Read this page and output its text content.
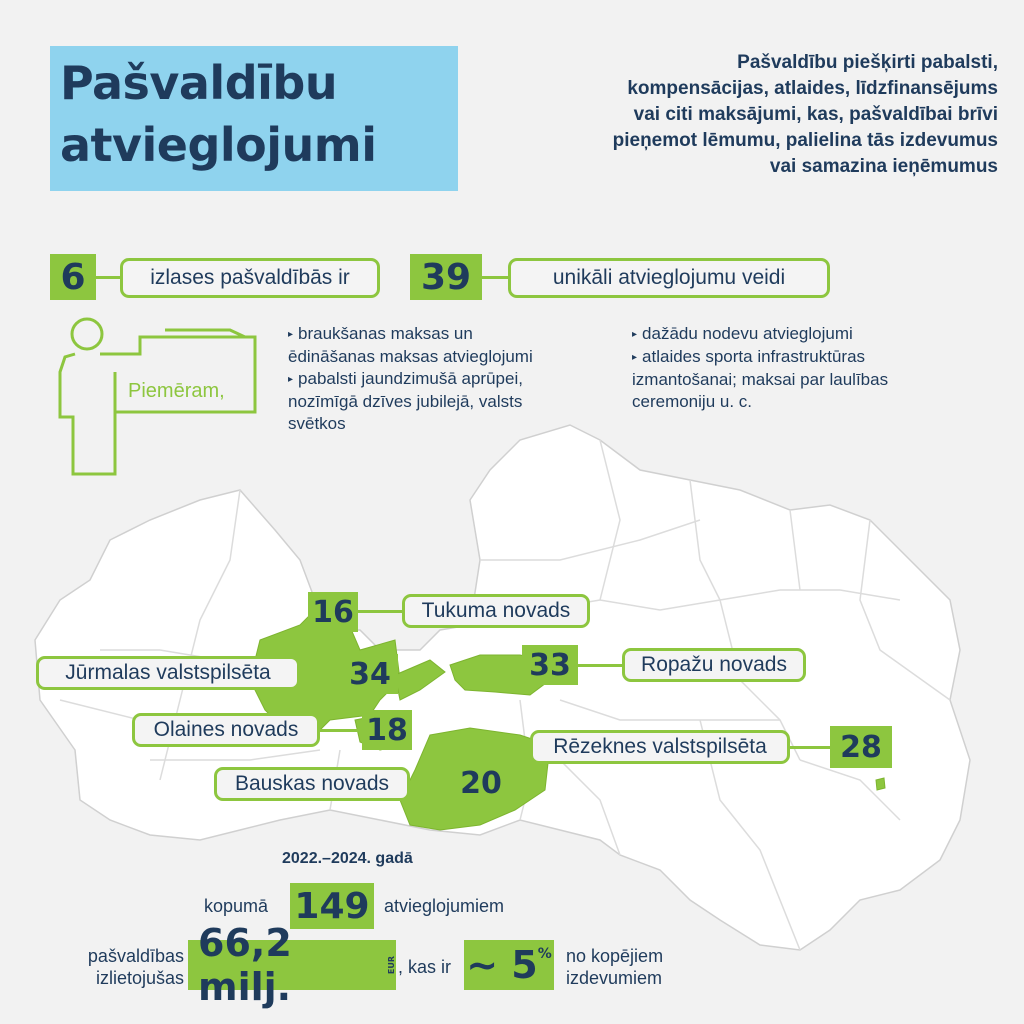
Pašvaldību
atvieglojumi
Pašvaldību piešķirti pabalsti,
kompensācijas, atlaides, līdzfinansējums
vai citi maksājumi, kas, pašvaldībai brīvi
pieņemot lēmumu, palielina tās izdevumus
vai samazina ieņēmumus
6	izlases pašvaldībās ir	39	unikāli atvieglojumu veidi
Piemēram,
▸ braukšanas maksas un
ēdināšanas maksas atvieglojumi
▸ pabalsti jaundzimušā aprūpei,
nozīmīgā dzīves jubilejā, valsts
svētkos
▸ dažādu nodevu atvieglojumi
▸ atlaides sporta infrastruktūras
izmantošanai; maksai par laulības
ceremoniju u. c.
16	Tukuma novads
Jūrmalas valstspilsēta	34	33	Ropažu novads
Olaines novads	18	Rēzeknes valstspilsēta	28
Bauskas novads	20
2022.–2024. gadā
kopumā 149 atvieglojumiem
pašvaldības
izlietojušas
66,2 milj.	EUR , kas ir ~ 5 % no kopējiem
izdevumiem
